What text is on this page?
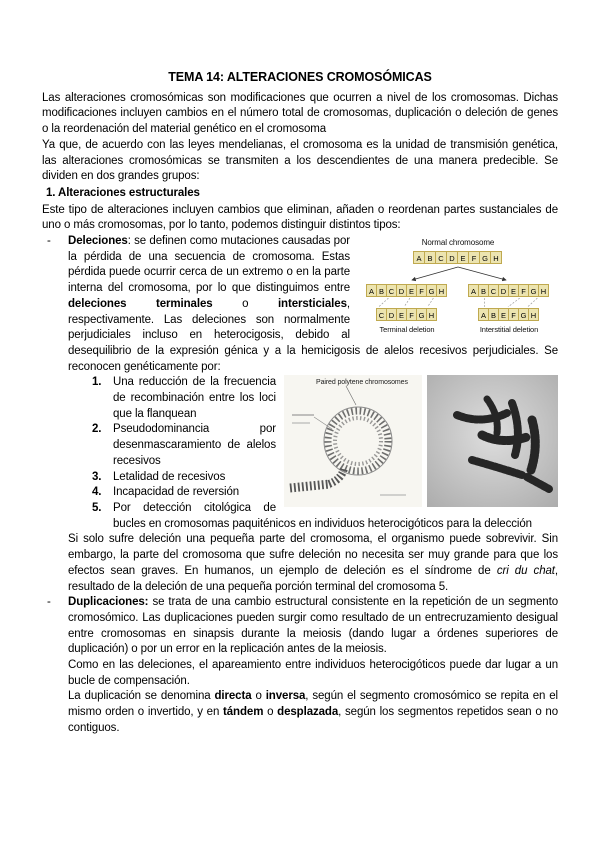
TEMA 14: ALTERACIONES CROMOSÓMICAS

Las alteraciones cromosómicas son modificaciones que ocurren a nivel de los cromosomas. Dichas modificaciones incluyen cambios en el número total de cromosomas, duplicación o deleción de genes o la reordenación del material genético en el cromosoma

Ya que, de acuerdo con las leyes mendelianas, el cromosoma es la unidad de transmisión genética, las alteraciones cromosómicas se transmiten a los descendientes de una manera predecible. Se dividen en dos grandes grupos:

1. Alteraciones estructurales

Este tipo de alteraciones incluyen cambios que eliminan, añaden o reordenan partes sustanciales de uno o más cromosomas, por lo tanto, podemos distinguir distintos tipos:

Normal chromosome
A B C D E F G H
A B C D E F G H
C D E F G H
Terminal deletion
A B C D E F G H
A B E F G H
Interstitial deletion
- Deleciones: se definen como mutaciones causadas por la pérdida de una secuencia de cromosoma. Estas pérdida puede ocurrir cerca de un extremo o en la parte interna del cromosoma, por lo que distinguimos entre deleciones terminales o intersticiales, respectivamente. Las deleciones son normalmente perjudiciales incluso en heterocigosis, debido al desequilibrio de la expresión génica y a la hemicigosis de alelos recesivos perjudiciales. Se reconocen genéticamente por:
Paired polytene chromosomes
1. Una reducción de la frecuencia de recombinación entre los loci que la flanquean
2. Pseudodominancia por desenmascaramiento de alelos recesivos
3. Letalidad de recesivos
4. Incapacidad de reversión
5. Por detección citológica de bucles en cromosomas paquiténicos en individuos heterocigóticos para la delección

Si solo sufre deleción una pequeña parte del cromosoma, el organismo puede sobrevivir. Sin embargo, la parte del cromosoma que sufre deleción no necesita ser muy grande para que los efectos sean graves. En humanos, un ejemplo de deleción es el síndrome de cri du chat, resultado de la deleción de una pequeña porción terminal del cromosoma 5.

- Duplicaciones: se trata de una cambio estructural consistente en la repetición de un segmento cromosómico. Las duplicaciones pueden surgir como resultado de un entrecruzamiento desigual entre cromosomas en sinapsis durante la meiosis (dando lugar a órdenes superiores de duplicación) o por un error en la replicación antes de la meiosis.

Como en las deleciones, el apareamiento entre individuos heterocigóticos puede dar lugar a un bucle de compensación.

La duplicación se denomina directa o inversa, según el segmento cromosómico se repita en el mismo orden o invertido, y en tándem o desplazada, según los segmentos repetidos sean o no contiguos.
